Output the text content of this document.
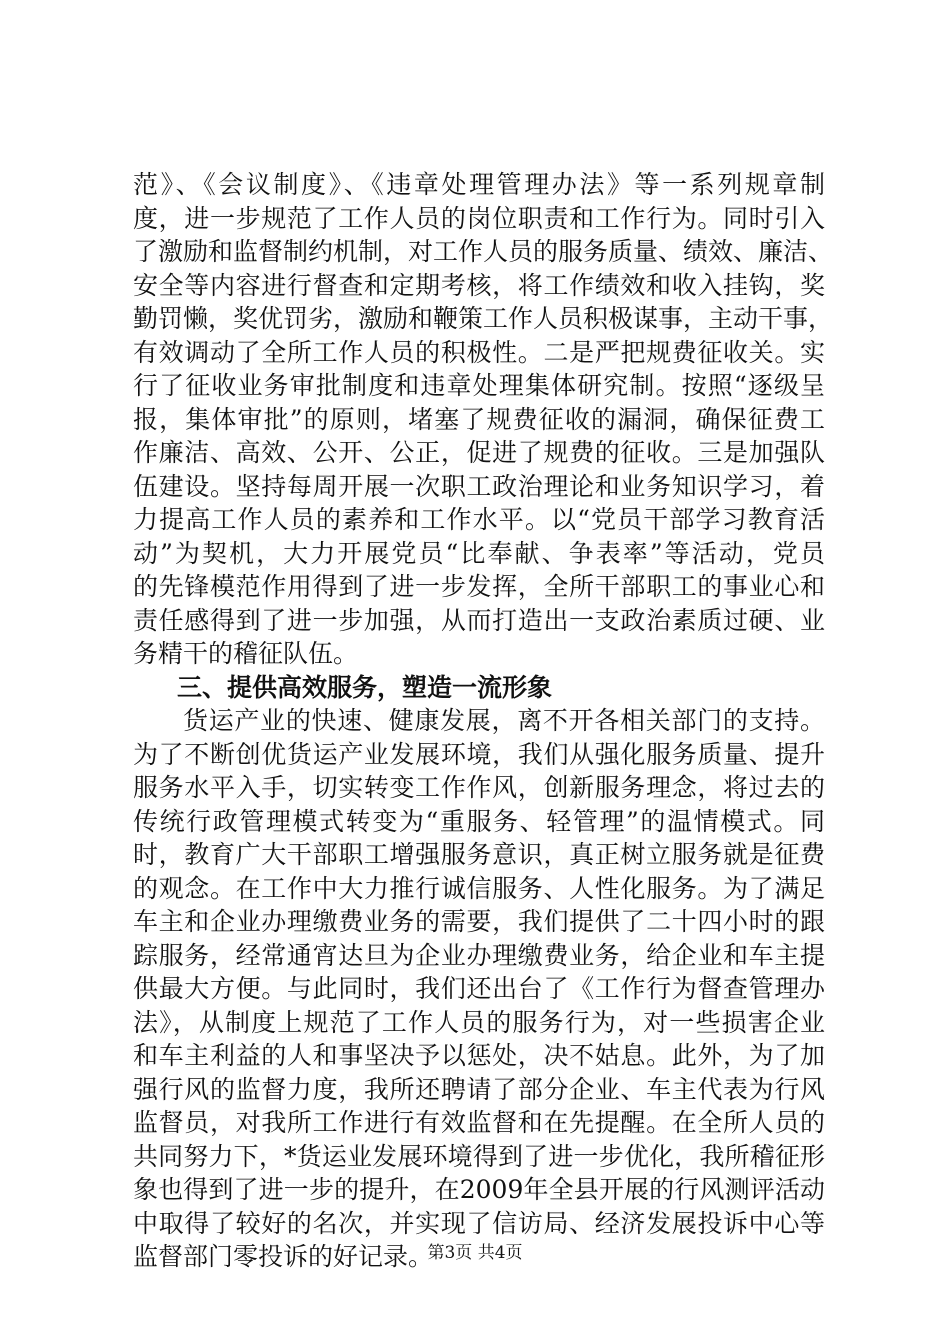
范》、《会议制度》、《违章处理管理办法》等一系列规章制
度，进一步规范了工作人员的岗位职责和工作行为。同时引入
了激励和监督制约机制，对工作人员的服务质量、绩效、廉洁、
安全等内容进行督查和定期考核，将工作绩效和收入挂钩，奖
勤罚懒，奖优罚劣，激励和鞭策工作人员积极谋事，主动干事，
有效调动了全所工作人员的积极性。二是严把规费征收关。实
行了征收业务审批制度和违章处理集体研究制。按照“逐级呈
报，集体审批”的原则，堵塞了规费征收的漏洞，确保征费工
作廉洁、高效、公开、公正，促进了规费的征收。三是加强队
伍建设。坚持每周开展一次职工政治理论和业务知识学习，着
力提高工作人员的素养和工作水平。以“党员干部学习教育活
动”为契机，大力开展党员“比奉献、争表率”等活动，党员
的先锋模范作用得到了进一步发挥，全所干部职工的事业心和
责任感得到了进一步加强，从而打造出一支政治素质过硬、业
务精干的稽征队伍。
三、提供高效服务，塑造一流形象
货运产业的快速、健康发展，离不开各相关部门的支持。
为了不断创优货运产业发展环境，我们从强化服务质量、提升
服务水平入手，切实转变工作作风，创新服务理念，将过去的
传统行政管理模式转变为“重服务、轻管理”的温情模式。同
时，教育广大干部职工增强服务意识，真正树立服务就是征费
的观念。在工作中大力推行诚信服务、人性化服务。为了满足
车主和企业办理缴费业务的需要，我们提供了二十四小时的跟
踪服务，经常通宵达旦为企业办理缴费业务，给企业和车主提
供最大方便。与此同时，我们还出台了《工作行为督查管理办
法》，从制度上规范了工作人员的服务行为，对一些损害企业
和车主利益的人和事坚决予以惩处，决不姑息。此外，为了加
强行风的监督力度，我所还聘请了部分企业、车主代表为行风
监督员，对我所工作进行有效监督和在先提醒。在全所人员的
共同努力下，*货运业发展环境得到了进一步优化，我所稽征形
象也得到了进一步的提升，在2009年全县开展的行风测评活动
中取得了较好的名次，并实现了信访局、经济发展投诉中心等
监督部门零投诉的好记录。
第3页 共4页
